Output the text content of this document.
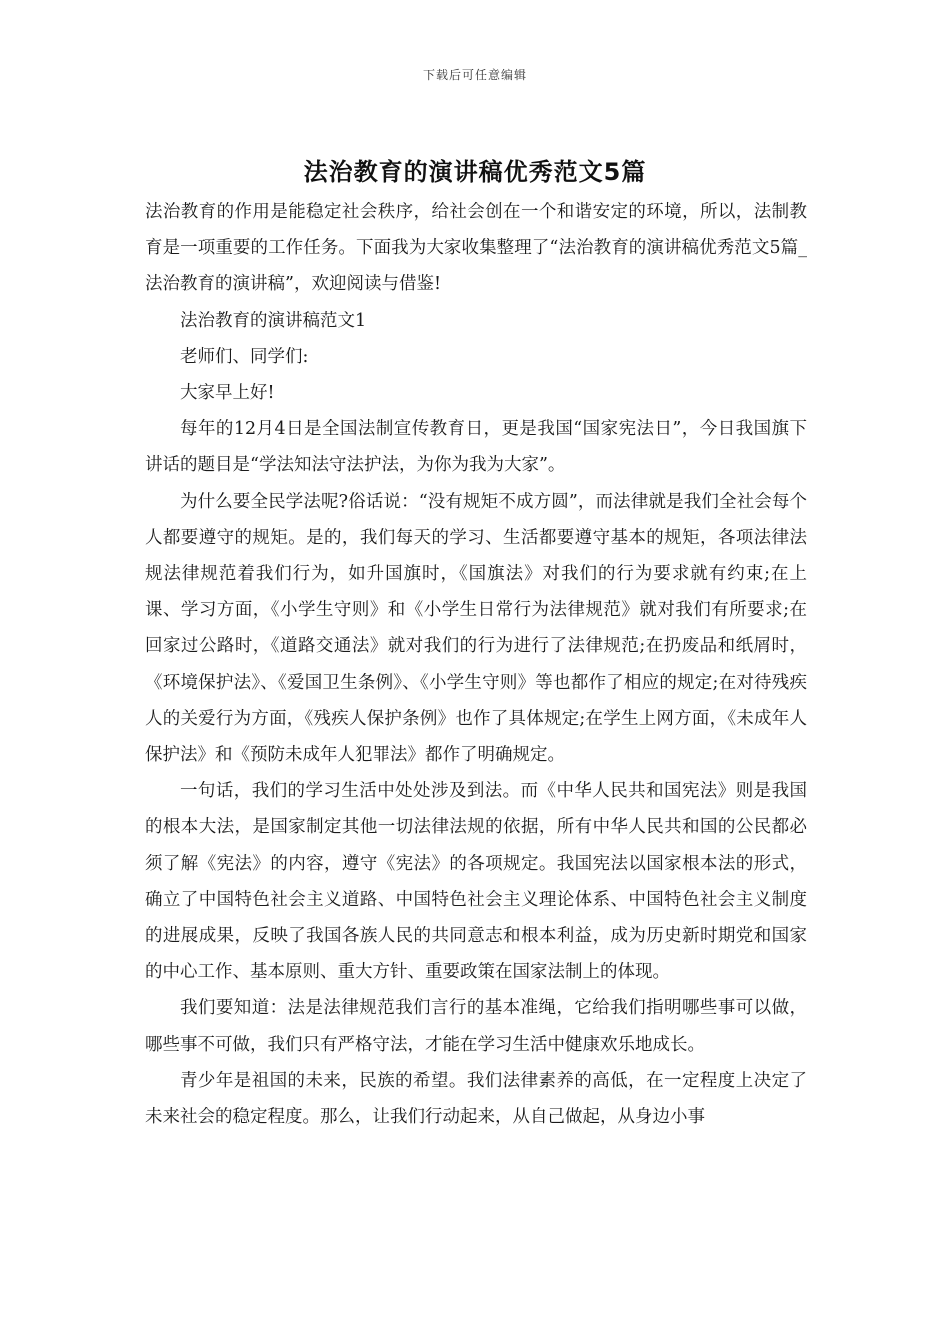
下载后可任意编辑
法治教育的演讲稿优秀范文5篇

法治教育的作用是能稳定社会秩序，给社会创在一个和谐安定的环境，所以，法制教育是一项重要的工作任务。下面我为大家收集整理了“法治教育的演讲稿优秀范文5篇_法治教育的演讲稿”，欢迎阅读与借鉴!

法治教育的演讲稿范文1

老师们、同学们:

大家早上好!

每年的12月4日是全国法制宣传教育日，更是我国“国家宪法日”，今日我国旗下讲话的题目是“学法知法守法护法，为你为我为大家”。

为什么要全民学法呢?俗话说：“没有规矩不成方圆”，而法律就是我们全社会每个人都要遵守的规矩。是的，我们每天的学习、生活都要遵守基本的规矩，各项法律法规法律规范着我们行为，如升国旗时，《国旗法》对我们的行为要求就有约束;在上课、学习方面，《小学生守则》和《小学生日常行为法律规范》就对我们有所要求;在回家过公路时，《道路交通法》就对我们的行为进行了法律规范;在扔废品和纸屑时，《环境保护法》、《爱国卫生条例》、《小学生守则》等也都作了相应的规定;在对待残疾人的关爱行为方面，《残疾人保护条例》也作了具体规定;在学生上网方面，《未成年人保护法》和《预防未成年人犯罪法》都作了明确规定。

一句话，我们的学习生活中处处涉及到法。而《中华人民共和国宪法》则是我国的根本大法，是国家制定其他一切法律法规的依据，所有中华人民共和国的公民都必须了解《宪法》的内容，遵守《宪法》的各项规定。我国宪法以国家根本法的形式，确立了中国特色社会主义道路、中国特色社会主义理论体系、中国特色社会主义制度的进展成果，反映了我国各族人民的共同意志和根本利益，成为历史新时期党和国家的中心工作、基本原则、重大方针、重要政策在国家法制上的体现。

我们要知道：法是法律规范我们言行的基本准绳，它给我们指明哪些事可以做，哪些事不可做，我们只有严格守法，才能在学习生活中健康欢乐地成长。

青少年是祖国的未来，民族的希望。我们法律素养的高低，在一定程度上决定了未来社会的稳定程度。那么，让我们行动起来，从自己做起，从身边小事
